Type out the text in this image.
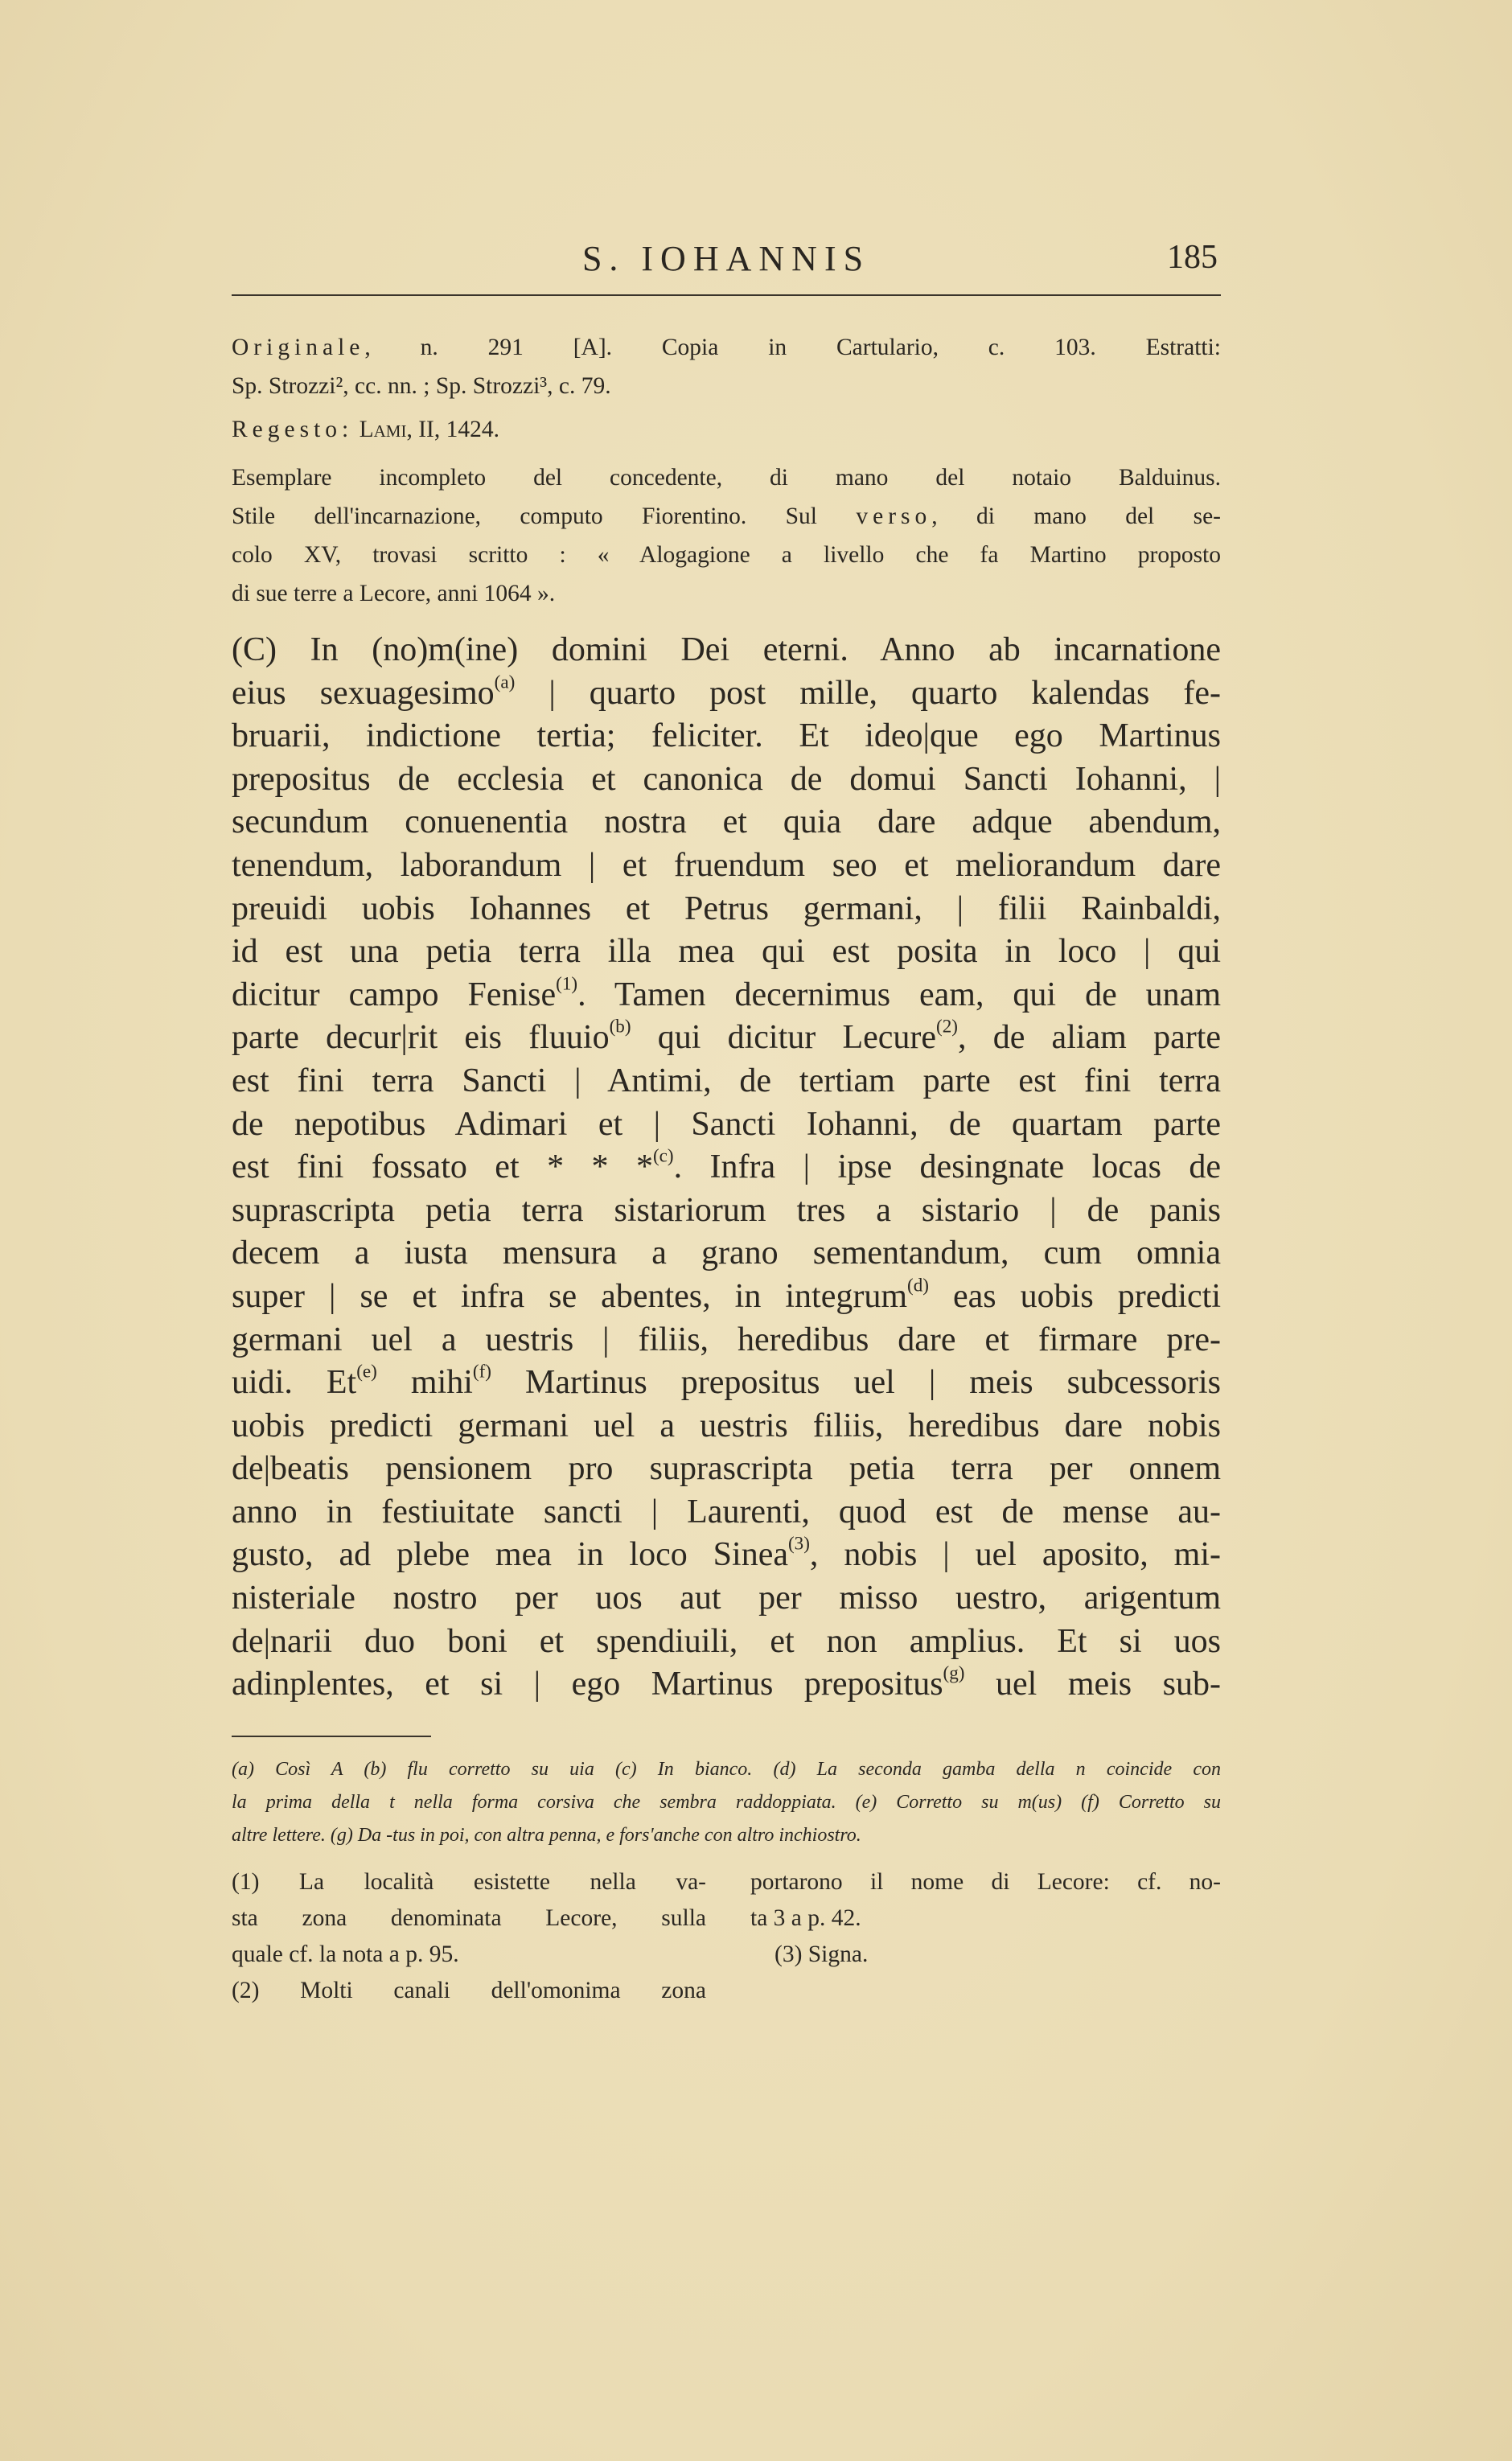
S. IOHANNIS	185
Originale, n. 291 [A]. Copia in Cartulario, c. 103. Estratti:
Sp. Strozzi², cc. nn. ; Sp. Strozzi³, c. 79.
Regesto: Lami, II, 1424.
Esemplare incompleto del concedente, di mano del notaio Balduinus.
Stile dell'incarnazione, computo Fiorentino. Sul verso, di mano del se-
colo XV, trovasi scritto : « Alogagione a livello che fa Martino proposto
di sue terre a Lecore, anni 1064 ».
(C) In (no)m(ine) domini Dei eterni. Anno ab incarnatione
eius sexuagesimo$^{(a)}$ | quarto post mille, quarto kalendas fe-
bruarii, indictione tertia; feliciter. Et ideo|que ego Martinus
prepositus de ecclesia et canonica de domui Sancti Iohanni, |
secundum conuenentia nostra et quia dare adque abendum,
tenendum, laborandum | et fruendum seo et meliorandum dare
preuidi uobis Iohannes et Petrus germani, | filii Rainbaldi,
id est una petia terra illa mea qui est posita in loco | qui
dicitur campo Fenise$^{(1)}$. Tamen decernimus eam, qui de unam
parte decur|rit eis fluuio$^{(b)}$ qui dicitur Lecure$^{(2)}$, de aliam parte
est fini terra Sancti | Antimi, de tertiam parte est fini terra
de nepotibus Adimari et | Sancti Iohanni, de quartam parte
est fini fossato et * * *$^{(c)}$. Infra | ipse desingnate locas de
suprascripta petia terra sistariorum tres a sistario | de panis
decem a iusta mensura a grano sementandum, cum omnia
super | se et infra se abentes, in integrum$^{(d)}$ eas uobis predicti
germani uel a uestris | filiis, heredibus dare et firmare pre-
uidi. Et$^{(e)}$ mihi$^{(f)}$ Martinus prepositus uel | meis subcessoris
uobis predicti germani uel a uestris filiis, heredibus dare nobis
de|beatis pensionem pro suprascripta petia terra per onnem
anno in festiuitate sancti | Laurenti, quod est de mense au-
gusto, ad plebe mea in loco Sinea$^{(3)}$, nobis | uel aposito, mi-
nisteriale nostro per uos aut per misso uestro, arigentum
de|narii duo boni et spendiuili, et non amplius. Et si uos
adinplentes, et si | ego Martinus prepositus$^{(g)}$ uel meis sub-
(a) Così A (b) flu corretto su uia (c) In bianco. (d) La seconda gamba della n coincide con
la prima della t nella forma corsiva che sembra raddoppiata. (e) Corretto su m(us) (f) Corretto su
altre lettere. (g) Da -tus in poi, con altra penna, e fors'anche con altro inchiostro.
(1) La località esistette nella va-
sta zona denominata Lecore, sulla
quale cf. la nota a p. 95.
(2) Molti canali dell'omonima zona
portarono il nome di Lecore: cf. no-
ta 3 a p. 42.
(3) Signa.
